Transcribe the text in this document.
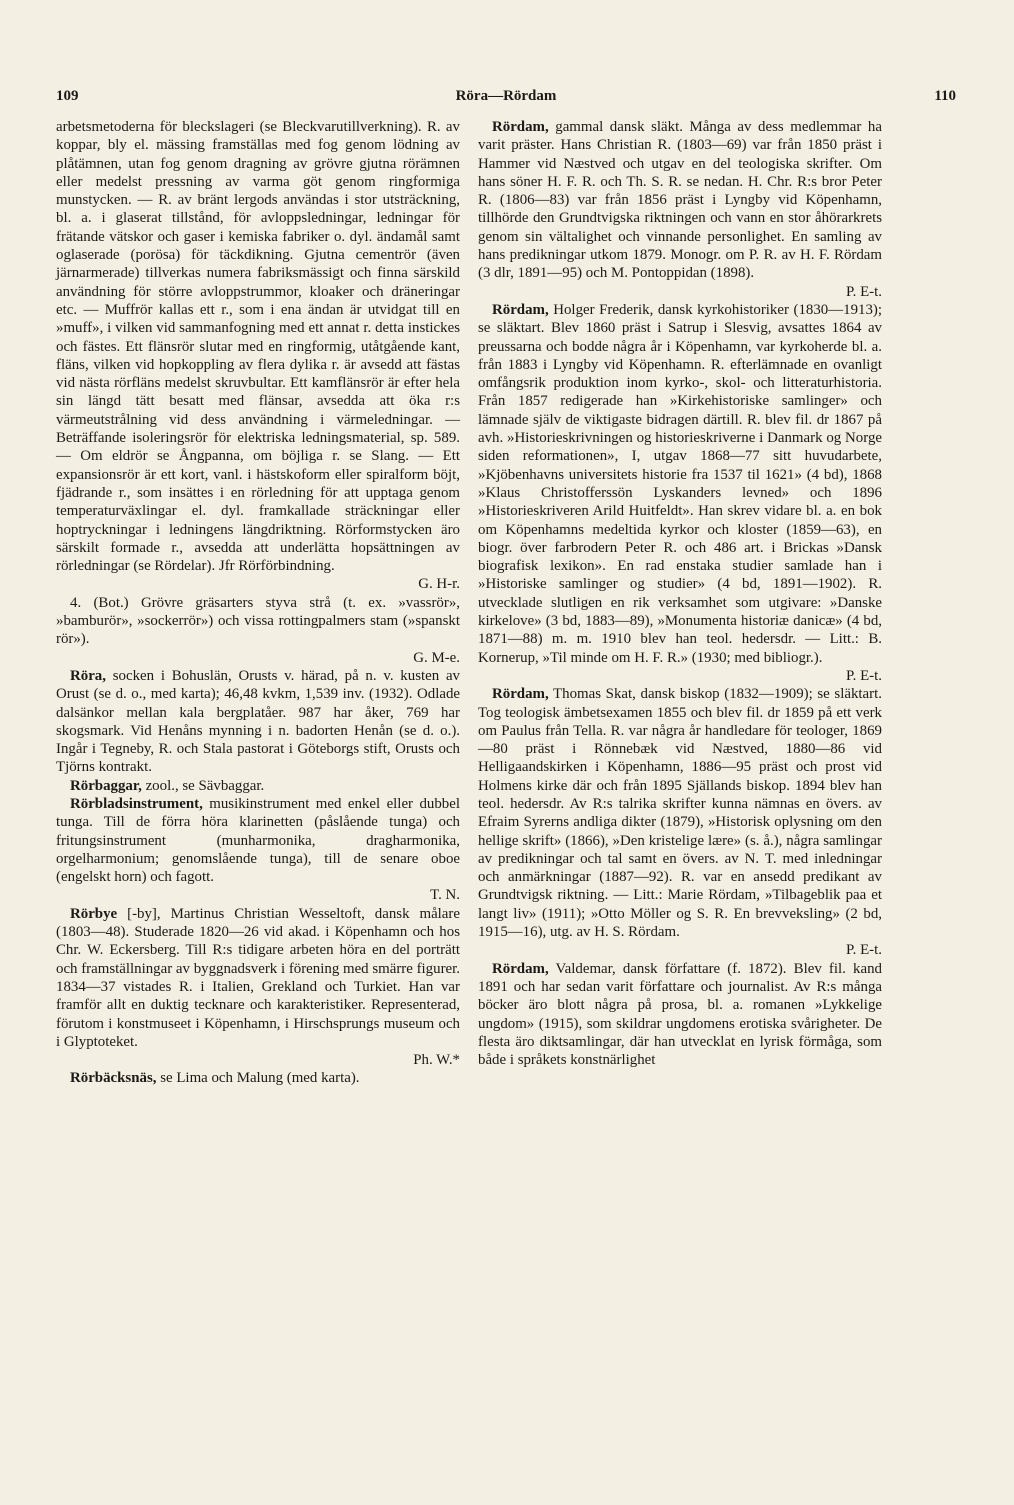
109	Röra—Rördam	110

arbetsmetoderna för bleckslageri (se Bleckvarutillverkning). R. av koppar, bly el. mässing framställas med fog genom lödning av plåtämnen, utan fog genom dragning av grövre gjutna rörämnen eller medelst pressning av varma göt genom ringformiga munstycken. — R. av bränt lergods användas i stor utsträckning, bl. a. i glaserat tillstånd, för avloppsledningar, ledningar för frätande vätskor och gaser i kemiska fabriker o. dyl. ändamål samt oglaserade (porösa) för täckdikning. Gjutna cementrör (även järnarmerade) tillverkas numera fabriksmässigt och finna särskild användning för större avloppstrummor, kloaker och dräneringar etc. — Muffrör kallas ett r., som i ena ändan är utvidgat till en »muff», i vilken vid sammanfogning med ett annat r. detta instickes och fästes. Ett flänsrör slutar med en ringformig, utåtgående kant, fläns, vilken vid hopkoppling av flera dylika r. är avsedd att fästas vid nästa rörfläns medelst skruvbultar. Ett kamflänsrör är efter hela sin längd tätt besatt med flänsar, avsedda att öka r:s värmeutstrålning vid dess användning i värmeledningar. — Beträffande isoleringsrör för elektriska ledningsmaterial, sp. 589. — Om eldrör se Ångpanna, om böjliga r. se Slang. — Ett expansionsrör är ett kort, vanl. i hästskoform eller spiralform böjt, fjädrande r., som insättes i en rörledning för att upptaga genom temperaturväxlingar el. dyl. framkallade sträckningar eller hoptryckningar i ledningens längdriktning. Rörformstycken äro särskilt formade r., avsedda att underlätta hopsättningen av rörledningar (se Rördelar). Jfr Rörförbindning.
G. H-r.

4. (Bot.) Grövre gräsarters styva strå (t. ex. »vassrör», »bamburör», »sockerrör») och vissa rottingpalmers stam (»spanskt rör»).
G. M-e.

Röra, socken i Bohuslän, Orusts v. härad, på n. v. kusten av Orust (se d. o., med karta); 46,48 kvkm, 1,539 inv. (1932). Odlade dalsänkor mellan kala bergplatåer. 987 har åker, 769 har skogsmark. Vid Henåns mynning i n. badorten Henån (se d. o.). Ingår i Tegneby, R. och Stala pastorat i Göteborgs stift, Orusts och Tjörns kontrakt.

Rörbaggar, zool., se Sävbaggar.

Rörbladsinstrument, musikinstrument med enkel eller dubbel tunga. Till de förra höra klarinetten (påslående tunga) och fritungsinstrument (munharmonika, dragharmonika, orgelharmonium; genomslående tunga), till de senare oboe (engelskt horn) och fagott.
T. N.

Rörbye [-by], Martinus Christian Wesseltoft, dansk målare (1803—48). Studerade 1820—26 vid akad. i Köpenhamn och hos Chr. W. Eckersberg. Till R:s tidigare arbeten höra en del porträtt och framställningar av byggnadsverk i förening med smärre figurer. 1834—37 vistades R. i Italien, Grekland och Turkiet. Han var framför allt en duktig tecknare och karakteristiker. Representerad, förutom i konstmuseet i Köpenhamn, i Hirschsprungs museum och i Glyptoteket.
Ph. W.*

Rörbäcksnäs, se Lima och Malung (med karta).

Rördam, gammal dansk släkt. Många av dess medlemmar ha varit präster. Hans Christian R. (1803—69) var från 1850 präst i Hammer vid Næstved och utgav en del teologiska skrifter. Om hans söner H. F. R. och Th. S. R. se nedan. H. Chr. R:s bror Peter R. (1806—83) var från 1856 präst i Lyngby vid Köpenhamn, tillhörde den Grundtvigska riktningen och vann en stor åhörarkrets genom sin vältalighet och vinnande personlighet. En samling av hans predikningar utkom 1879. Monogr. om P. R. av H. F. Rördam (3 dlr, 1891—95) och M. Pontoppidan (1898).
P. E-t.

Rördam, Holger Frederik, dansk kyrkohistoriker (1830—1913); se släktart. Blev 1860 präst i Satrup i Slesvig, avsattes 1864 av preussarna och bodde några år i Köpenhamn, var kyrkoherde bl. a. från 1883 i Lyngby vid Köpenhamn. R. efterlämnade en ovanligt omfångsrik produktion inom kyrko-, skol- och litteraturhistoria. Från 1857 redigerade han »Kirkehistoriske samlinger» och lämnade själv de viktigaste bidragen därtill. R. blev fil. dr 1867 på avh. »Historieskrivningen og historieskriverne i Danmark og Norge siden reformationen», I, utgav 1868—77 sitt huvudarbete, »Kjöbenhavns universitets historie fra 1537 til 1621» (4 bd), 1868 »Klaus Christofferssön Lyskanders levned» och 1896 »Historieskriveren Arild Huitfeldt». Han skrev vidare bl. a. en bok om Köpenhamns medeltida kyrkor och kloster (1859—63), en biogr. över farbrodern Peter R. och 486 art. i Brickas »Dansk biografisk lexikon». En rad enstaka studier samlade han i »Historiske samlinger og studier» (4 bd, 1891—1902). R. utvecklade slutligen en rik verksamhet som utgivare: »Danske kirkelove» (3 bd, 1883—89), »Monumenta historiæ danicæ» (4 bd, 1871—88) m. m. 1910 blev han teol. hedersdr. — Litt.: B. Kornerup, »Til minde om H. F. R.» (1930; med bibliogr.).
P. E-t.

Rördam, Thomas Skat, dansk biskop (1832—1909); se släktart. Tog teologisk ämbetsexamen 1855 och blev fil. dr 1859 på ett verk om Paulus från Tella. R. var några år handledare för teologer, 1869—80 präst i Rönnebæk vid Næstved, 1880—86 vid Helligaandskirken i Köpenhamn, 1886—95 präst och prost vid Holmens kirke där och från 1895 Själlands biskop. 1894 blev han teol. hedersdr. Av R:s talrika skrifter kunna nämnas en övers. av Efraim Syrerns andliga dikter (1879), »Historisk oplysning om den hellige skrift» (1866), »Den kristelige lære» (s. å.), några samlingar av predikningar och tal samt en övers. av N. T. med inledningar och anmärkningar (1887—92). R. var en ansedd predikant av Grundtvigsk riktning. — Litt.: Marie Rördam, »Tilbageblik paa et langt liv» (1911); »Otto Möller og S. R. En brevveksling» (2 bd, 1915—16), utg. av H. S. Rördam.
P. E-t.

Rördam, Valdemar, dansk författare (f. 1872). Blev fil. kand 1891 och har sedan varit författare och journalist. Av R:s många böcker äro blott några på prosa, bl. a. romanen »Lykkelige ungdom» (1915), som skildrar ungdomens erotiska svårigheter. De flesta äro diktsamlingar, där han utvecklat en lyrisk förmåga, som både i språkets konstnärlighet
